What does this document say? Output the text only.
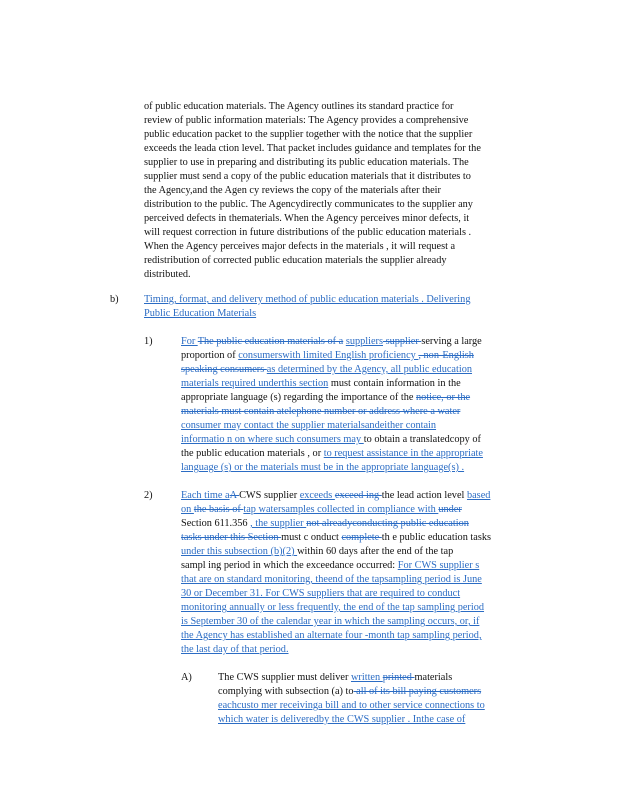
of public education materials. The Agency outlines its standard practice for
review of public information materials: The Agency provides a comprehensive
public education packet to the supplier together with the notice that the supplier
exceeds the leada ction level. That packet includes guidance and templates for the
supplier to use in preparing and distributing its public education materials. The
supplier must send a copy of the public education materials that it distributes to
the Agency,and the Agen cy reviews the copy of the materials after their
distribution to the public. The Agencydirectly communicates to the supplier any
perceived defects in thematerials. When the Agency perceives minor defects, it
will request correction in future distributions of the public education materials .
When the Agency perceives major defects in the materials , it will request a
redistribution of corrected public education materials the supplier already
distributed.
b) Timing, format, and delivery method of public education materials . Delivering
Public Education Materials
1)	For The public education materials of a suppliers supplier serving a large
proportion of consumerswith limited English proficiency , non-English
speaking consumers as determined by the Agency, all public education
materials required underthis section must contain information in the
appropriate language (s) regarding the importance of the notice, or the
materials must contain atelephone number or address where a water
consumer may contact the supplier materialsandeither contain
informatio n on where such consumers may to obtain a translatedcopy of
the public education materials , or to request assistance in the appropriate
language (s) or the materials must be in the appropriate language(s) .
2)	Each time aA CWS supplier exceeds exceed ing the lead action level based
on the basis of tap watersamples collected in compliance with under
Section 611.356 , the supplier not alreadyconducting public education
tasks under this Section must c onduct complete th e public education tasks
under this subsection (b)(2) within 60 days after the end of the tap
sampl ing period in which the exceedance occurred: For CWS supplier s
that are on standard monitoring, theend of the tapsampling period is June
30 or December 31. For CWS suppliers that are required to conduct
monitoring annually or less frequently, the end of the tap sampling period
is September 30 of the calendar year in which the sampling occurs, or, if
the Agency has established an alternate four -month tap sampling period,
the last day of that period.
A)	The CWS supplier must deliver written printed materials
complying with subsection (a) to all of its bill paying customers
eachcusto mer receivinga bill and to other service connections to
which water is deliveredby the CWS supplier . Inthe case of
